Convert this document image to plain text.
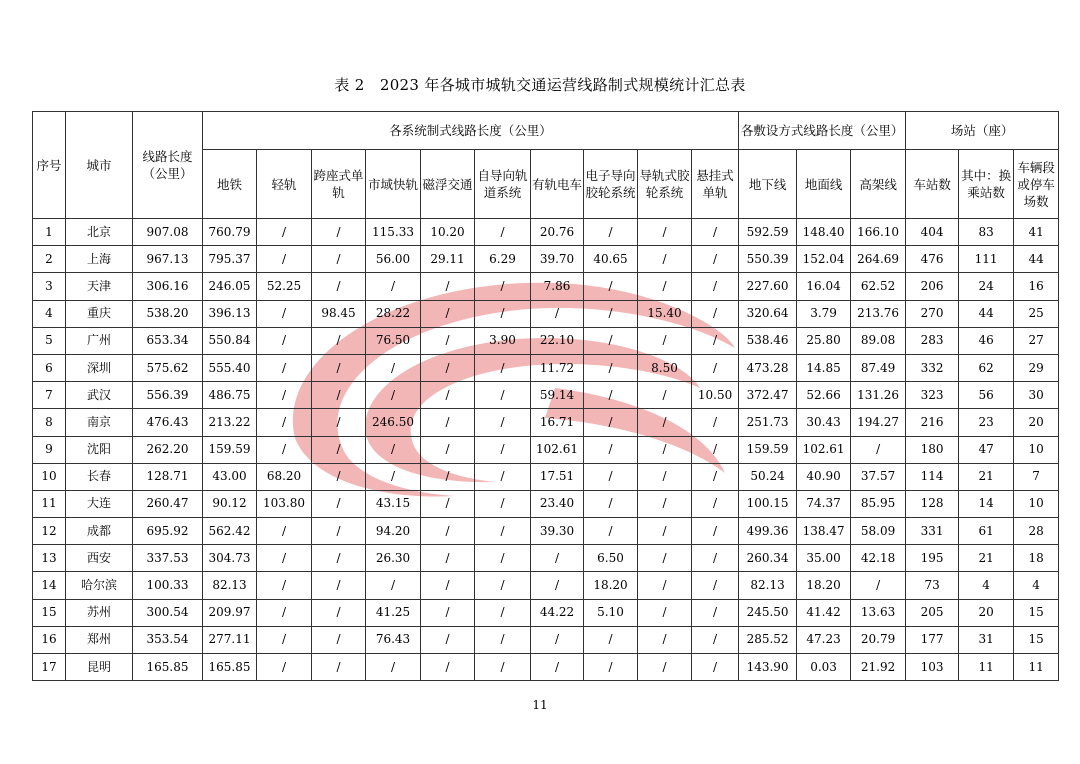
表 2　2023 年各城市城轨交通运营线路制式规模统计汇总表
序号	城市	线路长度（公里）	各系统制式线路长度（公里）										各敷设方式线路长度（公里）			场站（座）		
			地铁	轻轨	跨座式单轨	市域快轨	磁浮交通	自导向轨道系统	有轨电车	电子导向胶轮系统	导轨式胶轮系统	悬挂式单轨	地下线	地面线	高架线	车站数	其中：换乘站数	车辆段或停车场数
1	北京	907.08	760.79	/	/	115.33	10.20	/	20.76	/	/	/	592.59	148.40	166.10	404	83	41
2	上海	967.13	795.37	/	/	56.00	29.11	6.29	39.70	40.65	/	/	550.39	152.04	264.69	476	111	44
3	天津	306.16	246.05	52.25	/	/	/	/	7.86	/	/	/	227.60	16.04	62.52	206	24	16
4	重庆	538.20	396.13	/	98.45	28.22	/	/	/	/	15.40	/	320.64	3.79	213.76	270	44	25
5	广州	653.34	550.84	/	/	76.50	/	3.90	22.10	/	/	/	538.46	25.80	89.08	283	46	27
6	深圳	575.62	555.40	/	/	/	/	/	11.72	/	8.50	/	473.28	14.85	87.49	332	62	29
7	武汉	556.39	486.75	/	/	/	/	/	59.14	/	/	10.50	372.47	52.66	131.26	323	56	30
8	南京	476.43	213.22	/	/	246.50	/	/	16.71	/	/	/	251.73	30.43	194.27	216	23	20
9	沈阳	262.20	159.59	/	/	/	/	/	102.61	/	/	/	159.59	102.61	/	180	47	10
10	长春	128.71	43.00	68.20	/	/	/	/	17.51	/	/	/	50.24	40.90	37.57	114	21	7
11	大连	260.47	90.12	103.80	/	43.15	/	/	23.40	/	/	/	100.15	74.37	85.95	128	14	10
12	成都	695.92	562.42	/	/	94.20	/	/	39.30	/	/	/	499.36	138.47	58.09	331	61	28
13	西安	337.53	304.73	/	/	26.30	/	/	/	6.50	/	/	260.34	35.00	42.18	195	21	18
14	哈尔滨	100.33	82.13	/	/	/	/	/	/	18.20	/	/	82.13	18.20	/	73	4	4
15	苏州	300.54	209.97	/	/	41.25	/	/	44.22	5.10	/	/	245.50	41.42	13.63	205	20	15
16	郑州	353.54	277.11	/	/	76.43	/	/	/	/	/	/	285.52	47.23	20.79	177	31	15
17	昆明	165.85	165.85	/	/	/	/	/	/	/	/	/	143.90	0.03	21.92	103	11	11
11
